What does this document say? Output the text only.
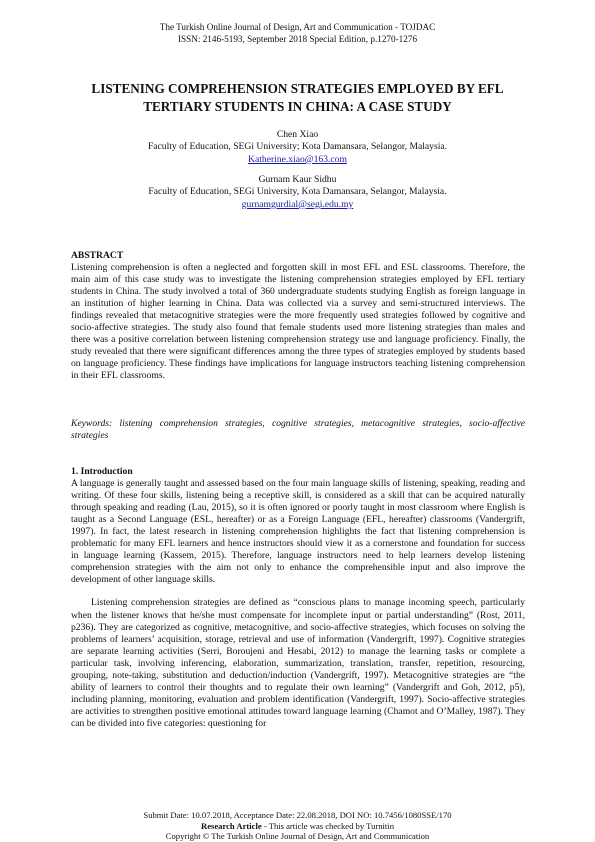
The Turkish Online Journal of Design, Art and Communication - TOJDAC
ISSN: 2146-5193, September 2018 Special Edition, p.1270-1276
LISTENING COMPREHENSION STRATEGIES EMPLOYED BY EFL
TERTIARY STUDENTS IN CHINA: A CASE STUDY
Chen Xiao
Faculty of Education, SEGi University; Kota Damansara, Selangor, Malaysia.
Katherine.xiao@163.com
Gurnam Kaur Sidhu
Faculty of Education, SEGi University, Kota Damansara, Selangor, Malaysia.
gurnamgurdial@segi.edu.my
ABSTRACT

Listening comprehension is often a neglected and forgotten skill in most EFL and ESL classrooms. Therefore, the main aim of this case study was to investigate the listening comprehension strategies employed by EFL tertiary students in China. The study involved a total of 360 undergraduate students studying English as foreign language in an institution of higher learning in China. Data was collected via a survey and semi-structured interviews. The findings revealed that metacognitive strategies were the more frequently used strategies followed by cognitive and socio-affective strategies. The study also found that female students used more listening strategies than males and there was a positive correlation between listening comprehension strategy use and language proficiency. Finally, the study revealed that there were significant differences among the three types of strategies employed by students based on language proficiency. These findings have implications for language instructors teaching listening comprehension in their EFL classrooms.

Keywords: listening comprehension strategies, cognitive strategies, metacognitive strategies, socio-affective strategies
1. Introduction

A language is generally taught and assessed based on the four main language skills of listening, speaking, reading and writing. Of these four skills, listening being a receptive skill, is considered as a skill that can be acquired naturally through speaking and reading (Lau, 2015), so it is often ignored or poorly taught in most classroom where English is taught as a Second Language (ESL, hereafter) or as a Foreign Language (EFL, hereafter) classrooms (Vandergrift, 1997). In fact, the latest research in listening comprehension highlights the fact that listening comprehension is problematic for many EFL learners and hence instructors should view it as a cornerstone and foundation for success in language learning (Kassem, 2015). Therefore, language instructors need to help learners develop listening comprehension strategies with the aim not only to enhance the comprehensible input and also improve the development of other language skills.

Listening comprehension strategies are defined as “conscious plans to manage incoming speech, particularly when the listener knows that he/she must compensate for incomplete input or partial understanding” (Rost, 2011, p236). They are categorized as cognitive, metacognitive, and socio-affective strategies, which focuses on solving the problems of learners’ acquisition, storage, retrieval and use of information (Vandergrift, 1997). Cognitive strategies are separate learning activities (Serri, Boroujeni and Hesabi, 2012) to manage the learning tasks or complete a particular task, involving inferencing, elaboration, summarization, translation, transfer, repetition, resourcing, grouping, note-taking, substitution and deduction/induction (Vandergrift, 1997). Metacognitive strategies are “the ability of learners to control their thoughts and to regulate their own learning” (Vandergrift and Goh, 2012, p5), including planning, monitoring, evaluation and problem identification (Vandergrift, 1997). Socio-affective strategies are activities to strengthen positive emotional attitudes toward language learning (Chamot and O’Malley, 1987). They can be divided into five categories: questioning for

Submit Date: 10.07.2018, Acceptance Date: 22.08.2018, DOI NO: 10.7456/1080SSE/170
Research Article - This article was checked by Turnitin
Copyright © The Turkish Online Journal of Design, Art and Communication
